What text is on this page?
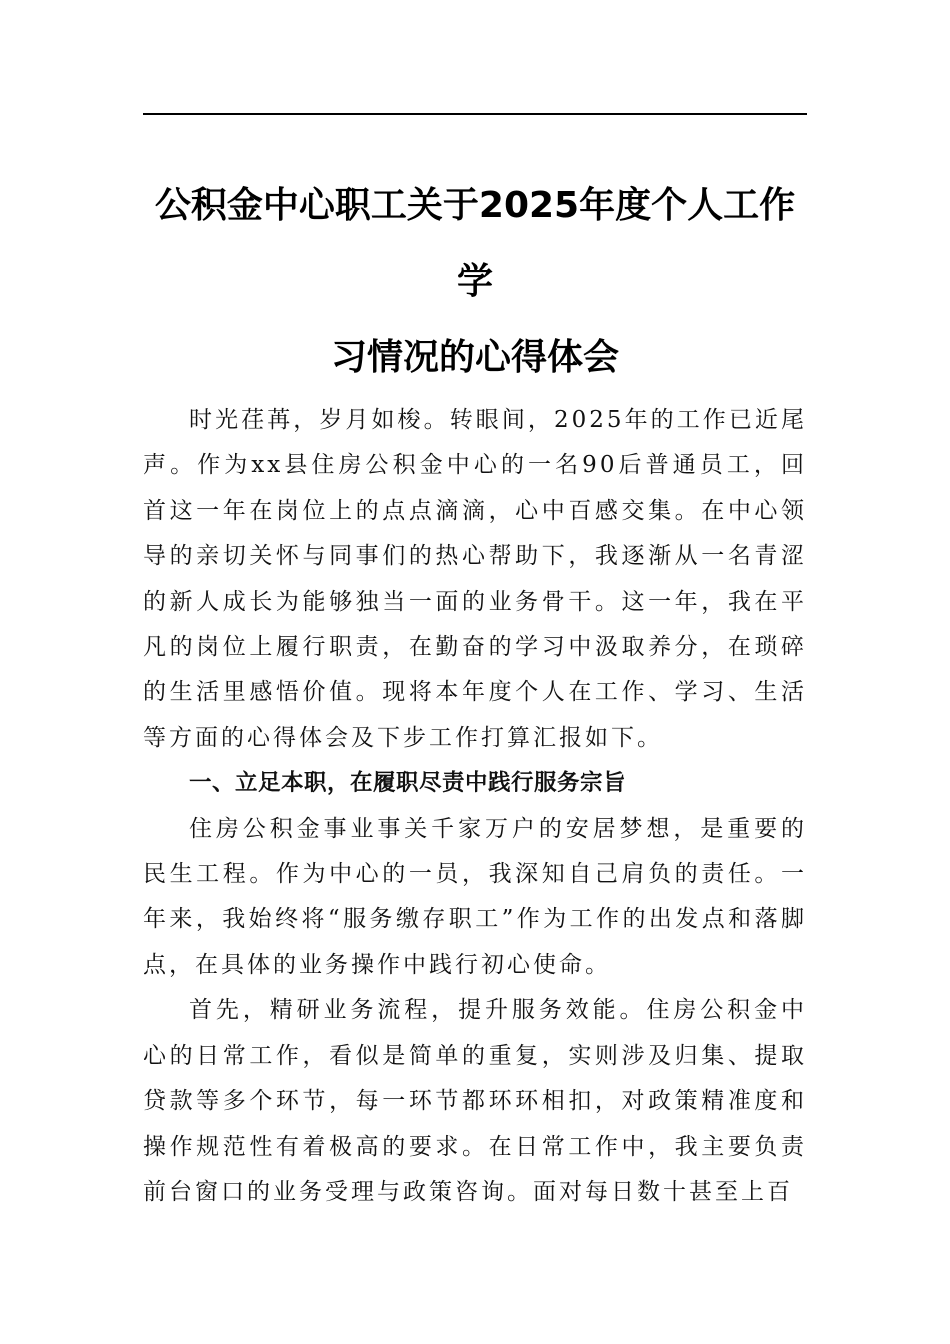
公积金中心职工关于2025年度个人工作学
习情况的心得体会

时光荏苒，岁月如梭。转眼间，2025年的工作已近尾声。作为xx县住房公积金中心的一名90后普通员工，回首这一年在岗位上的点点滴滴，心中百感交集。在中心领导的亲切关怀与同事们的热心帮助下，我逐渐从一名青涩的新人成长为能够独当一面的业务骨干。这一年，我在平凡的岗位上履行职责，在勤奋的学习中汲取养分，在琐碎的生活里感悟价值。现将本年度个人在工作、学习、生活等方面的心得体会及下步工作打算汇报如下。

一、立足本职，在履职尽责中践行服务宗旨

住房公积金事业事关千家万户的安居梦想，是重要的民生工程。作为中心的一员，我深知自己肩负的责任。一年来，我始终将“服务缴存职工”作为工作的出发点和落脚点，在具体的业务操作中践行初心使命。

首先，精研业务流程，提升服务效能。住房公积金中心的日常工作，看似是简单的重复，实则涉及归集、提取贷款等多个环节，每一环节都环环相扣，对政策精准度和操作规范性有着极高的要求。在日常工作中，我主要负责前台窗口的业务受理与政策咨询。面对每日数十甚至上百
